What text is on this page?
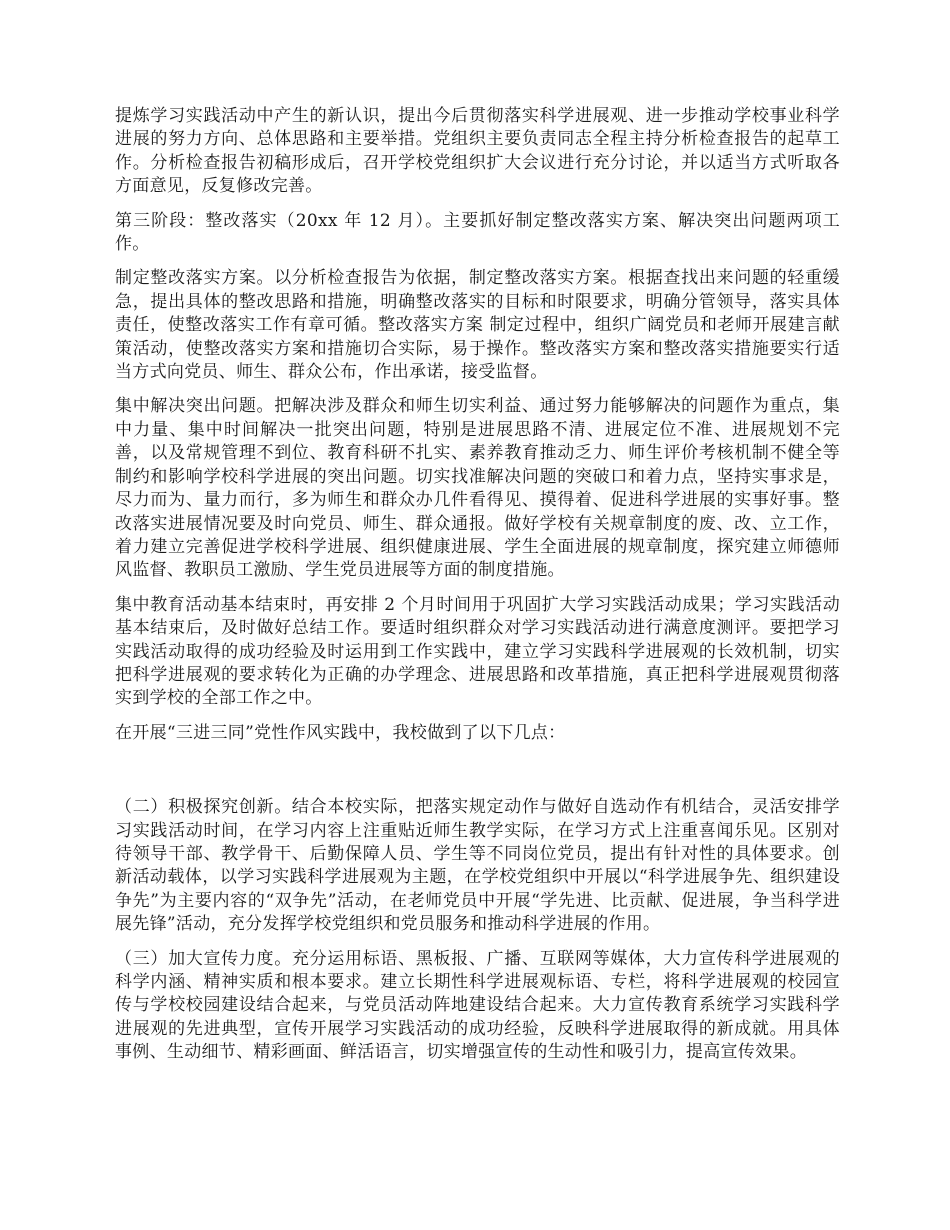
提炼学习实践活动中产生的新认识，提出今后贯彻落实科学进展观、进一步推动学校事业科学进展的努力方向、总体思路和主要举措。党组织主要负责同志全程主持分析检查报告的起草工作。分析检查报告初稿形成后，召开学校党组织扩大会议进行充分讨论，并以适当方式听取各方面意见，反复修改完善。

第三阶段：整改落实（20xx 年 12 月）。主要抓好制定整改落实方案、解决突出问题两项工作。

制定整改落实方案。以分析检查报告为依据，制定整改落实方案。根据查找出来问题的轻重缓急，提出具体的整改思路和措施，明确整改落实的目标和时限要求，明确分管领导，落实具体责任，使整改落实工作有章可循。整改落实方案 制定过程中，组织广阔党员和老师开展建言献策活动，使整改落实方案和措施切合实际，易于操作。整改落实方案和整改落实措施要实行适当方式向党员、师生、群众公布，作出承诺，接受监督。

集中解决突出问题。把解决涉及群众和师生切实利益、通过努力能够解决的问题作为重点，集中力量、集中时间解决一批突出问题，特别是进展思路不清、进展定位不准、进展规划不完善，以及常规管理不到位、教育科研不扎实、素养教育推动乏力、师生评价考核机制不健全等制约和影响学校科学进展的突出问题。切实找准解决问题的突破口和着力点，坚持实事求是，尽力而为、量力而行，多为师生和群众办几件看得见、摸得着、促进科学进展的实事好事。整改落实进展情况要及时向党员、师生、群众通报。做好学校有关规章制度的废、改、立工作，着力建立完善促进学校科学进展、组织健康进展、学生全面进展的规章制度，探究建立师德师风监督、教职员工激励、学生党员进展等方面的制度措施。

集中教育活动基本结束时，再安排 2 个月时间用于巩固扩大学习实践活动成果；学习实践活动基本结束后，及时做好总结工作。要适时组织群众对学习实践活动进行满意度测评。要把学习实践活动取得的成功经验及时运用到工作实践中，建立学习实践科学进展观的长效机制，切实把科学进展观的要求转化为正确的办学理念、进展思路和改革措施，真正把科学进展观贯彻落实到学校的全部工作之中。

在开展“三进三同”党性作风实践中，我校做到了以下几点：

（二）积极探究创新。结合本校实际，把落实规定动作与做好自选动作有机结合，灵活安排学习实践活动时间，在学习内容上注重贴近师生教学实际，在学习方式上注重喜闻乐见。区别对待领导干部、教学骨干、后勤保障人员、学生等不同岗位党员，提出有针对性的具体要求。创新活动载体，以学习实践科学进展观为主题，在学校党组织中开展以“科学进展争先、组织建设争先”为主要内容的“双争先”活动，在老师党员中开展“学先进、比贡献、促进展，争当科学进展先锋”活动，充分发挥学校党组织和党员服务和推动科学进展的作用。

（三）加大宣传力度。充分运用标语、黑板报、广播、互联网等媒体，大力宣传科学进展观的科学内涵、精神实质和根本要求。建立长期性科学进展观标语、专栏，将科学进展观的校园宣传与学校校园建设结合起来，与党员活动阵地建设结合起来。大力宣传教育系统学习实践科学进展观的先进典型，宣传开展学习实践活动的成功经验，反映科学进展取得的新成就。用具体事例、生动细节、精彩画面、鲜活语言，切实增强宣传的生动性和吸引力，提高宣传效果。
